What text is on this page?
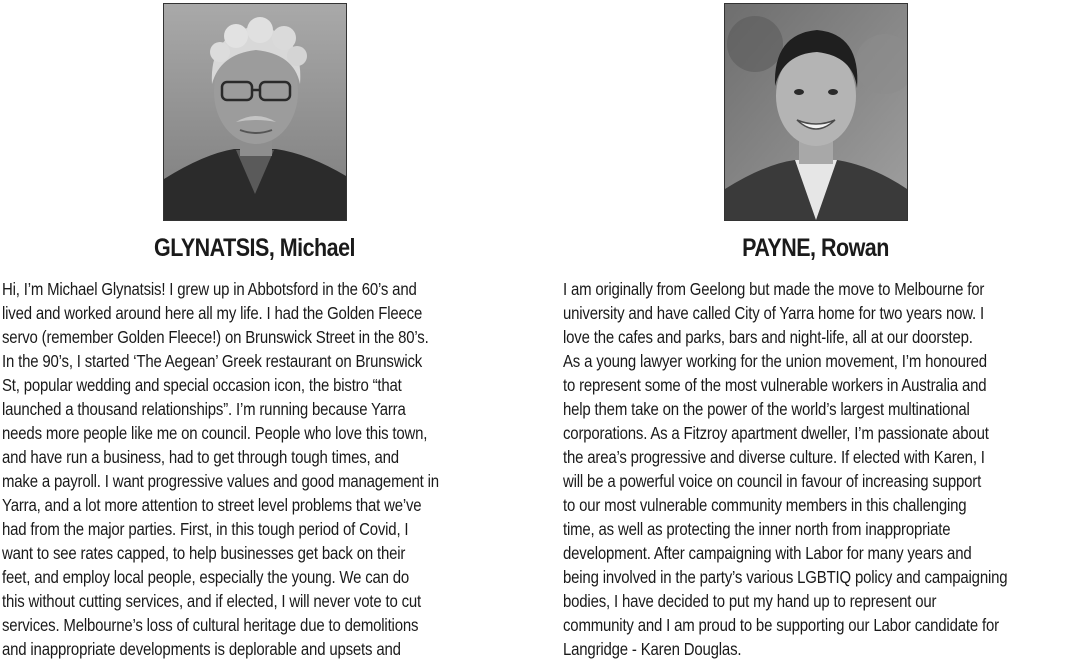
GLYNATSIS, Michael

Hi, I’m Michael Glynatsis! I grew up in Abbotsford in the 60’s and
lived and worked around here all my life. I had the Golden Fleece
servo (remember Golden Fleece!) on Brunswick Street in the 80’s.
In the 90’s, I started ‘The Aegean’ Greek restaurant on Brunswick
St, popular wedding and special occasion icon, the bistro “that
launched a thousand relationships”. I’m running because Yarra
needs more people like me on council. People who love this town,
and have run a business, had to get through tough times, and
make a payroll. I want progressive values and good management in
Yarra, and a lot more attention to street level problems that we’ve
had from the major parties. First, in this tough period of Covid, I
want to see rates capped, to help businesses get back on their
feet, and employ local people, especially the young. We can do
this without cutting services, and if elected, I will never vote to cut
services. Melbourne’s loss of cultural heritage due to demolitions
and inappropriate developments is deplorable and upsets and

PAYNE, Rowan

I am originally from Geelong but made the move to Melbourne for
university and have called City of Yarra home for two years now. I
love the cafes and parks, bars and night-life, all at our doorstep.
As a young lawyer working for the union movement, I’m honoured
to represent some of the most vulnerable workers in Australia and
help them take on the power of the world’s largest multinational
corporations. As a Fitzroy apartment dweller, I’m passionate about
the area’s progressive and diverse culture. If elected with Karen, I
will be a powerful voice on council in favour of increasing support
to our most vulnerable community members in this challenging
time, as well as protecting the inner north from inappropriate
development. After campaigning with Labor for many years and
being involved in the party’s various LGBTIQ policy and campaigning
bodies, I have decided to put my hand up to represent our
community and I am proud to be supporting our Labor candidate for
Langridge - Karen Douglas.
